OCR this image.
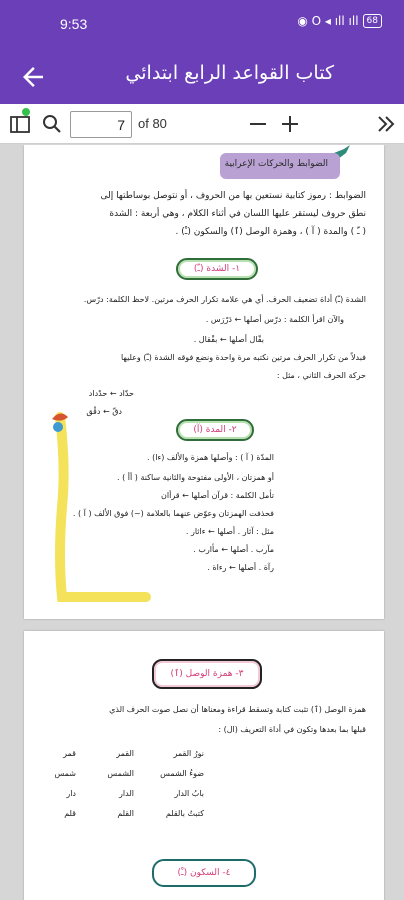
9:53	◉ O ◂ ıll ıll 68
كتاب القواعد الرابع ابتدائي
7
of 80
الضوابط والحركات الإعرابية
الضوابط : رموز كتابية نستعين بها من الحروف ، أو نتوصل بوساطتها إلى
نطق حروف ليستقر عليها اللسان في أثناء الكلام ، وهي أربعة : الشدة
( ـّ ) والمدة ( آ ) ، وهمزة الوصل (ٱ) والسكون (ـْ) .
١- الشدة (ـّ)
الشدة (ـّ) أداة تضعيف الحرف. أي هي علامة تكرار الحرف مرتين. لاحظ الكلمة: درّس.
والآن اقرأ الكلمة : درّس أصلها ← دَرْرَس .
بقّال أصلها ← بقْقال .
فبدلاً من تكرار الحرف مرتين نكتبه مرة واحدة ونضع فوقه الشدة (ـّ) وعليها
حركة الحرف الثاني ، مثل :
حدّاد ← حدْداد
دقّ ← دقْق
٢- المدة (آ)
المدّة ( آ ) : وأصلها همزة والألف (ءا) .
أو همزتان ، الأولى مفتوحة والثانية ساكنة ( أأ ) .
تأمل الكلمة : قرآن أصلها ← قرأان
فحذفت الهمزتان وعوّض عنهما بالعلامة (~) فوق الألف ( آ ) .
مثل : آثار . أصلها ← ءاثار .
مآرب . أصلها ← مأارب .
رآة . أصلها ← رءاة .
٣- همزة الوصل (ٱ)
همزة الوصل (ٱ) تثبت كتابة وتسقط قراءة ومعناها أن نصل صوت الحرف الذي
قبلها بما بعدها وتكون في أداة التعريف (ال) :
قمر	القمر	نورُ القمر
شمس	الشمس	ضوءُ الشمس
دار	الدار	بابُ الدار
قلم	القلم	كتبتُ بالقلم
٤- السكون (ـْ)
